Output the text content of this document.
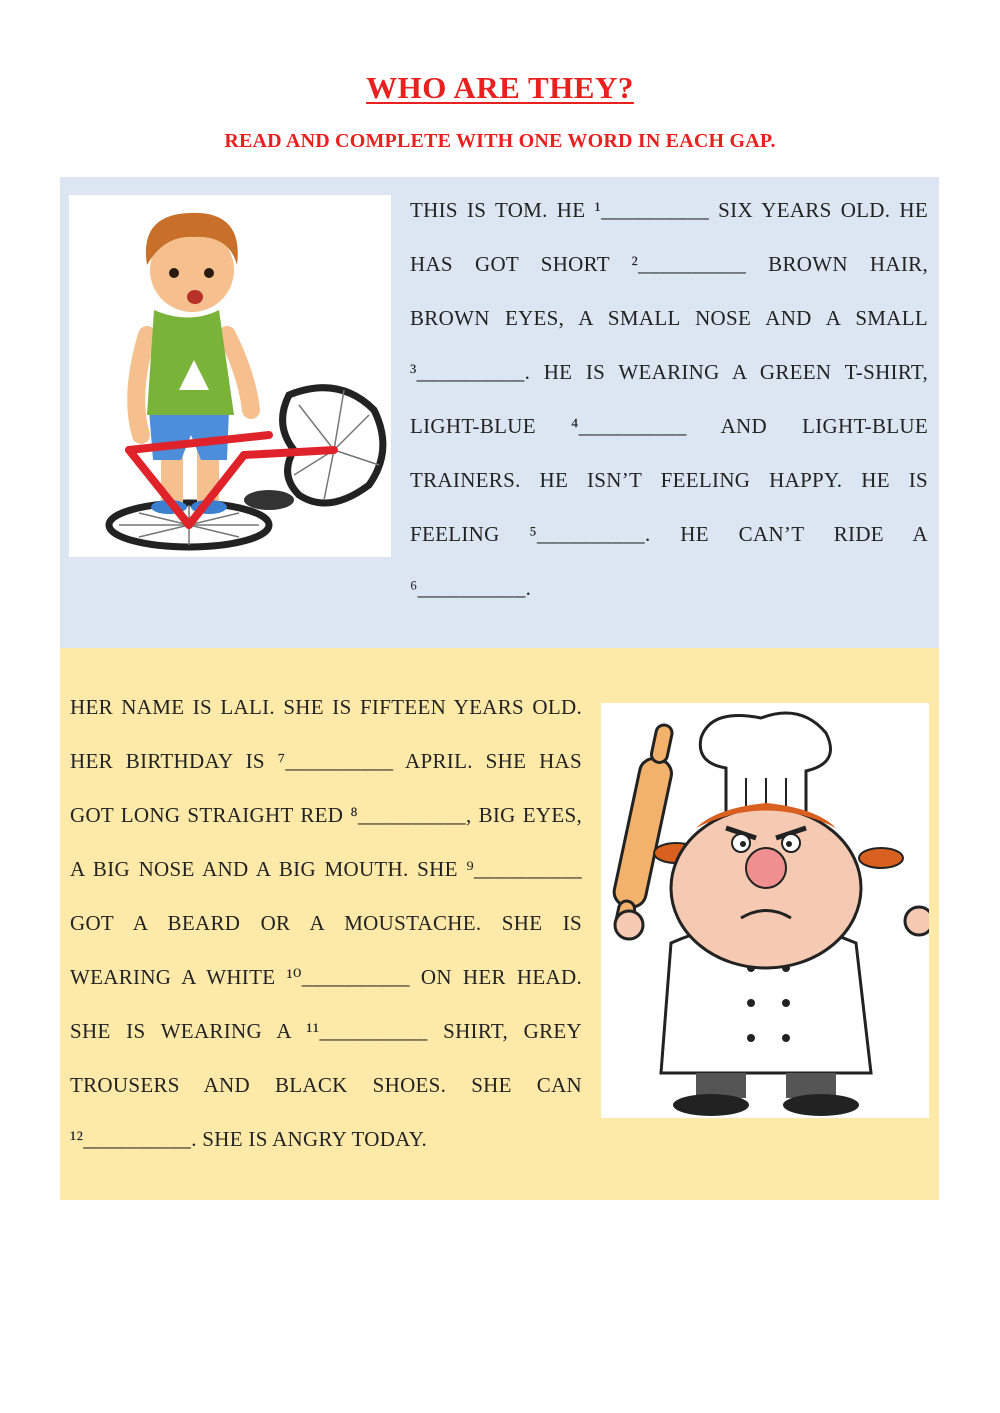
WHO ARE THEY?
READ AND COMPLETE WITH ONE WORD IN EACH GAP.

THIS IS TOM. HE ¹__________ SIX YEARS OLD. HE HAS GOT SHORT ²__________ BROWN HAIR, BROWN EYES, A SMALL NOSE AND A SMALL ³__________. HE IS WEARING A GREEN T-SHIRT, LIGHT-BLUE ⁴__________ AND LIGHT-BLUE TRAINERS. HE ISN’T FEELING HAPPY. HE IS FEELING ⁵__________. HE CAN’T RIDE A ⁶__________.

HER NAME IS LALI. SHE IS FIFTEEN YEARS OLD. HER BIRTHDAY IS ⁷__________ APRIL. SHE HAS GOT LONG STRAIGHT RED ⁸__________, BIG EYES, A BIG NOSE AND A BIG MOUTH. SHE ⁹__________ GOT A BEARD OR A MOUSTACHE. SHE IS WEARING A WHITE ¹⁰__________ ON HER HEAD. SHE IS WEARING A ¹¹__________ SHIRT, GREY TROUSERS AND BLACK SHOES. SHE CAN ¹²__________. SHE IS ANGRY TODAY.
